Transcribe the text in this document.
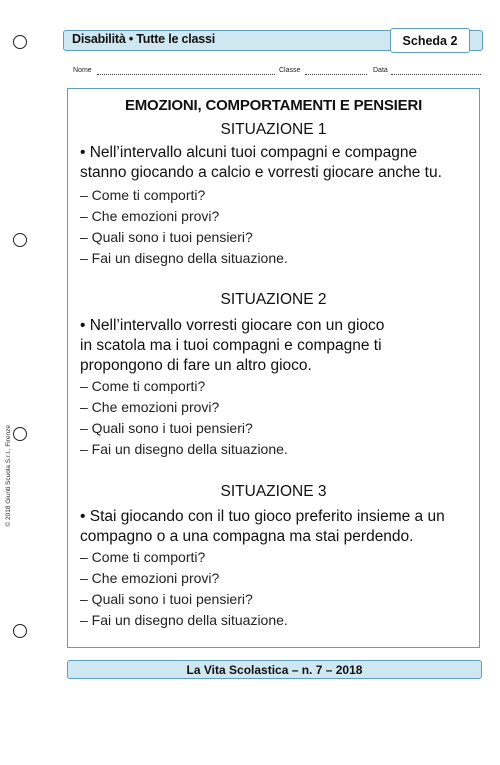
Disabilità • Tutte le classi	Scheda 2
Nome	Classe	Data
© 2018 Giunti Scuola S.r.l., Firenze
EMOZIONI, COMPORTAMENTI E PENSIERI
SITUAZIONE 1
• Nell’intervallo alcuni tuoi compagni e compagne
stanno giocando a calcio e vorresti giocare anche tu.
– Come ti comporti?
– Che emozioni provi?
– Quali sono i tuoi pensieri?
– Fai un disegno della situazione.
SITUAZIONE 2
• Nell’intervallo vorresti giocare con un gioco
in scatola ma i tuoi compagni e compagne ti
propongono di fare un altro gioco.
– Come ti comporti?
– Che emozioni provi?
– Quali sono i tuoi pensieri?
– Fai un disegno della situazione.
SITUAZIONE 3
• Stai giocando con il tuo gioco preferito insieme a un
compagno o a una compagna ma stai perdendo.
– Come ti comporti?
– Che emozioni provi?
– Quali sono i tuoi pensieri?
– Fai un disegno della situazione.
La Vita Scolastica – n. 7 – 2018
